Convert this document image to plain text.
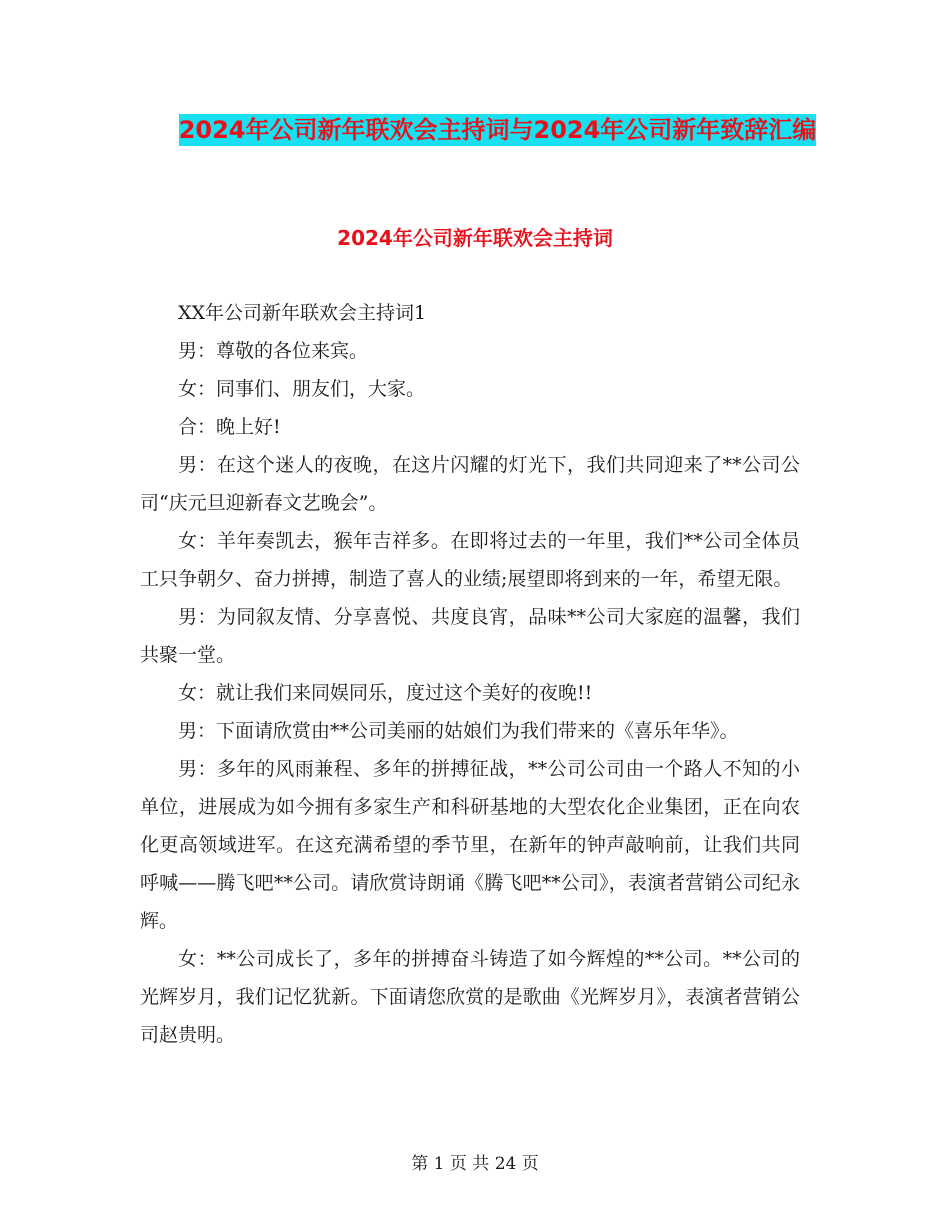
2024年公司新年联欢会主持词与2024年公司新年致辞汇编
2024年公司新年联欢会主持词

XX年公司新年联欢会主持词1

男：尊敬的各位来宾。

女：同事们、朋友们，大家。

合：晚上好!

男：在这个迷人的夜晚，在这片闪耀的灯光下，我们共同迎来了**公司公司“庆元旦迎新春文艺晚会”。

女：羊年奏凯去，猴年吉祥多。在即将过去的一年里，我们**公司全体员工只争朝夕、奋力拼搏，制造了喜人的业绩;展望即将到来的一年，希望无限。

男：为同叙友情、分享喜悦、共度良宵，品味**公司大家庭的温馨，我们共聚一堂。

女：就让我们来同娱同乐，度过这个美好的夜晚!!

男：下面请欣赏由**公司美丽的姑娘们为我们带来的《喜乐年华》。

男：多年的风雨兼程、多年的拼搏征战，**公司公司由一个路人不知的小单位，进展成为如今拥有多家生产和科研基地的大型农化企业集团，正在向农化更高领域进军。在这充满希望的季节里，在新年的钟声敲响前，让我们共同呼喊——腾飞吧**公司。请欣赏诗朗诵《腾飞吧**公司》，表演者营销公司纪永辉。

女：**公司成长了，多年的拼搏奋斗铸造了如今辉煌的**公司。**公司的光辉岁月，我们记忆犹新。下面请您欣赏的是歌曲《光辉岁月》，表演者营销公司赵贵明。

第 1 页 共 24 页
